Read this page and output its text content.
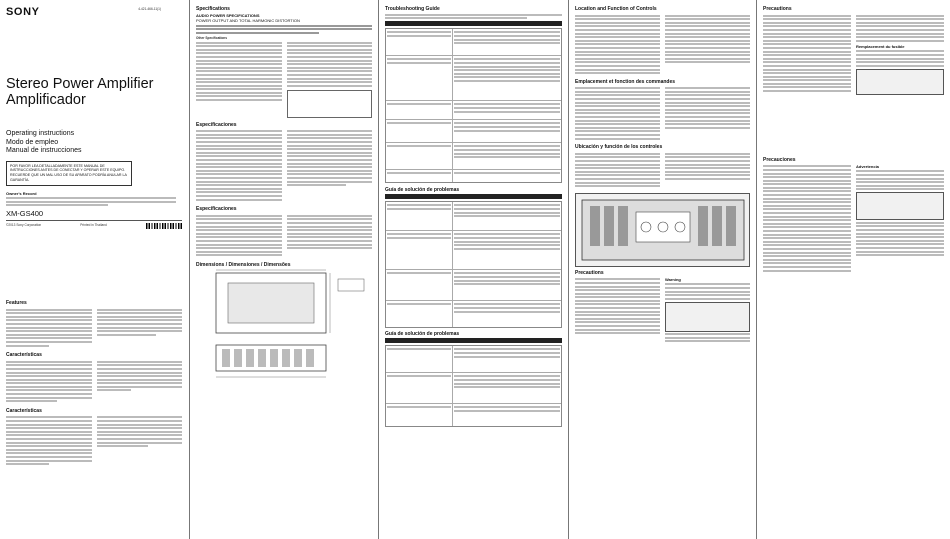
SONY	4-421-466-11(1)
Stereo Power Amplifier
Amplificador
Operating instructions
Modo de empleo
Manual de instrucciones
POR FAVOR LEA DETALLADAMENTE ESTE MANUAL DE INSTRUCCIONES ANTES DE CONECTAR Y OPERAR ESTE EQUIPO. RECUERDE QUE UN MAL USO DE SU APARATO PODRÍA ANULAR LA GARANTÍA.
Owner's Record
XM-GS400
©2013 Sony Corporation	Printed in Thailand
Features
Características
Características
Specifications
AUDIO POWER SPECIFICATIONS
POWER OUTPUT AND TOTAL HARMONIC DISTORTION
Other Specifications
Especificaciones
Especificaciones
Dimensions / Dimensiones / Dimensões
Troubleshooting Guide
Guía de solución de problemas
Guía de solución de problemas
Location and Function of Controls
Emplacement et fonction des commandes
Ubicación y función de los controles
Precautions
Warning
Precautions
Remplacement du fusible
Precauciones
Advertencia
